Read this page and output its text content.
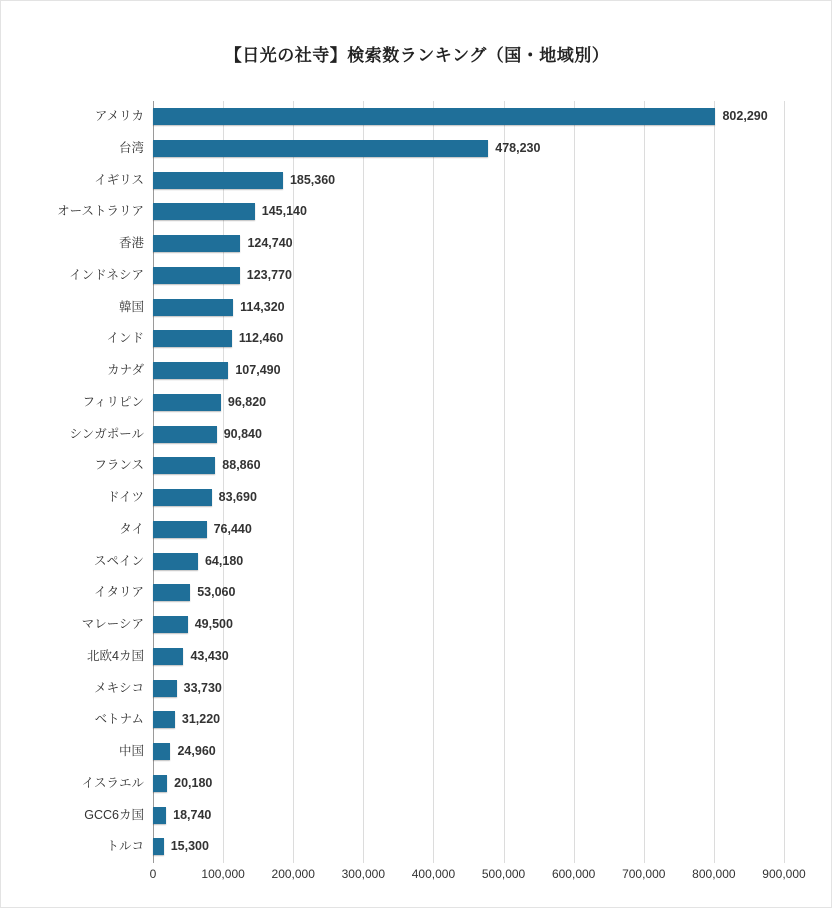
【日光の社寺】検索数ランキング（国・地域別）
アメリカ	802,290
台湾	478,230
イギリス	185,360
オーストラリア	145,140
香港	124,740
インドネシア	123,770
韓国	114,320
インド	112,460
カナダ	107,490
フィリピン	96,820
シンガポール	90,840
フランス	88,860
ドイツ	83,690
タイ	76,440
スペイン	64,180
イタリア	53,060
マレーシア	49,500
北欧4カ国	43,430
メキシコ	33,730
ベトナム	31,220
中国	24,960
イスラエル 20,180
GCC6カ国 18,740
トルコ 15,300
0	100,000 200,000 300,000 400,000 500,000 600,000 700,000 800,000 900,000
